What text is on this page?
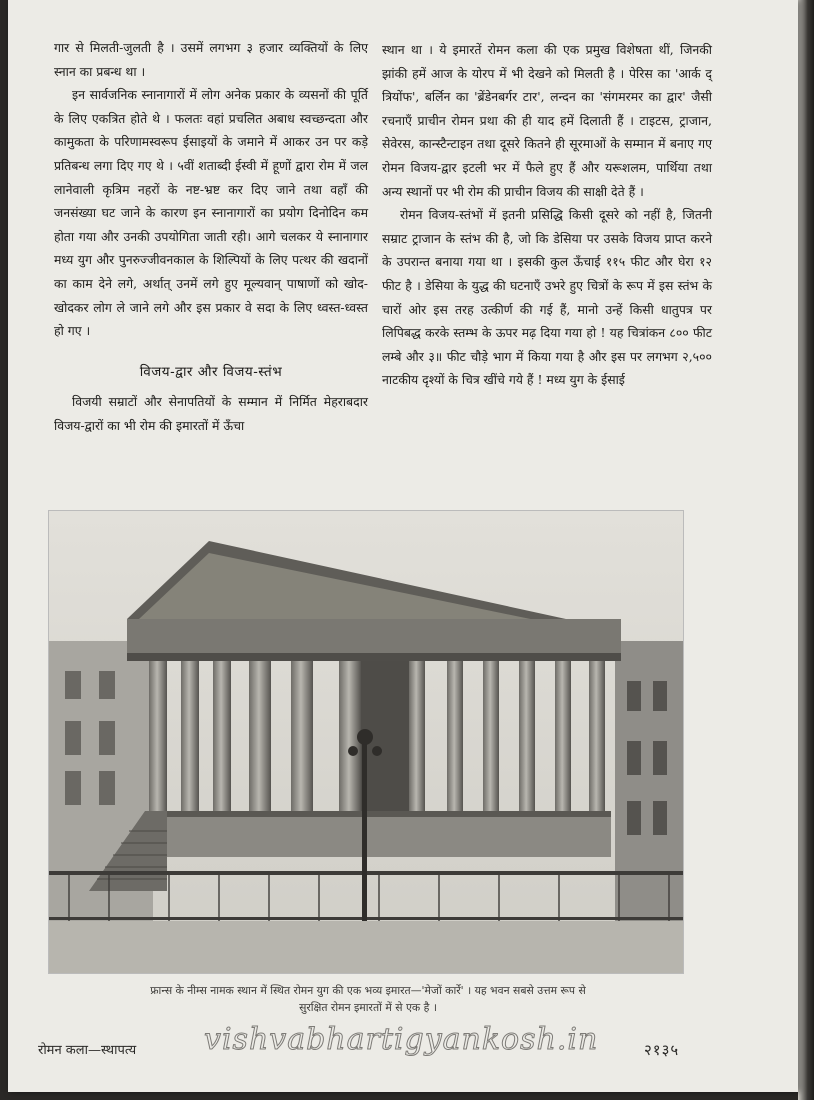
गार से मिलती-जुलती है । उसमें लगभग ३ हजार व्यक्तियों के लिए स्नान का प्रबन्ध था ।

इन सार्वजनिक स्नानागारों में लोग अनेक प्रकार के व्यसनों की पूर्ति के लिए एकत्रित होते थे । फलतः वहां प्रचलित अबाध स्वच्छन्दता और कामुकता के परिणामस्वरूप ईसाइयों के जमाने में आकर उन पर कड़े प्रतिबन्ध लगा दिए गए थे । ५वीं शताब्दी ईस्वी में हूणों द्वारा रोम में जल लानेवाली कृत्रिम नहरों के नष्ट-भ्रष्ट कर दिए जाने तथा वहाँ की जनसंख्या घट जाने के कारण इन स्नानागारों का प्रयोग दिनोदिन कम होता गया और उनकी उपयोगिता जाती रही। आगे चलकर ये स्नानागार मध्य युग और पुनरुज्जीवनकाल के शिल्पियों के लिए पत्थर की खदानों का काम देने लगे, अर्थात् उनमें लगे हुए मूल्यवान् पाषाणों को खोद-खोदकर लोग ले जाने लगे और इस प्रकार वे सदा के लिए ध्वस्त-ध्वस्त हो गए ।

विजय-द्वार और विजय-स्तंभ

विजयी सम्राटों और सेनापतियों के सम्मान में निर्मित मेहराबदार विजय-द्वारों का भी रोम की इमारतों में ऊँचा

स्थान था । ये इमारतें रोमन कला की एक प्रमुख विशेषता थीं, जिनकी झांकी हमें आज के योरप में भी देखने को मिलती है । पेरिस का 'आर्क द् त्रियोंफ', बर्लिन का 'ब्रेंडेनबर्गर टार', लन्दन का 'संगमरमर का द्वार' जैसी रचनाएँ प्राचीन रोमन प्रथा की ही याद हमें दिलाती हैं । टाइटस, ट्राजान, सेवेरस, कान्स्टैन्टाइन तथा दूसरे कितने ही सूरमाओं के सम्मान में बनाए गए रोमन विजय-द्वार इटली भर में फैले हुए हैं और यरूशलम, पार्थिया तथा अन्य स्थानों पर भी रोम की प्राचीन विजय की साक्षी देते हैं ।

रोमन विजय-स्तंभों में इतनी प्रसिद्धि किसी दूसरे को नहीं है, जितनी सम्राट ट्राजान के स्तंभ की है, जो कि डेसिया पर उसके विजय प्राप्त करने के उपरान्त बनाया गया था । इसकी कुल ऊँचाई ११५ फीट और घेरा १२ फीट है । डेसिया के युद्ध की घटनाएँ उभरे हुए चित्रों के रूप में इस स्तंभ के चारों ओर इस तरह उत्कीर्ण की गई हैं, मानो उन्हें किसी धातुपत्र पर लिपिबद्ध करके स्तम्भ के ऊपर मढ़ दिया गया हो ! यह चित्रांकन ८०० फीट लम्बे और ३॥ फीट चौड़े भाग में किया गया है और इस पर लगभग २,५०० नाटकीय दृश्यों के चित्र खींचे गये हैं ! मध्य युग के ईसाई

फ्रान्स के नीम्स नामक स्थान में स्थित रोमन युग की एक भव्य इमारत—'मेजों कार्रे' । यह भवन सबसे उत्तम रूप से
सुरक्षित रोमन इमारतों में से एक है ।
रोमन कला—स्थापत्य vishvabhartigyankosh.in	२१३५
